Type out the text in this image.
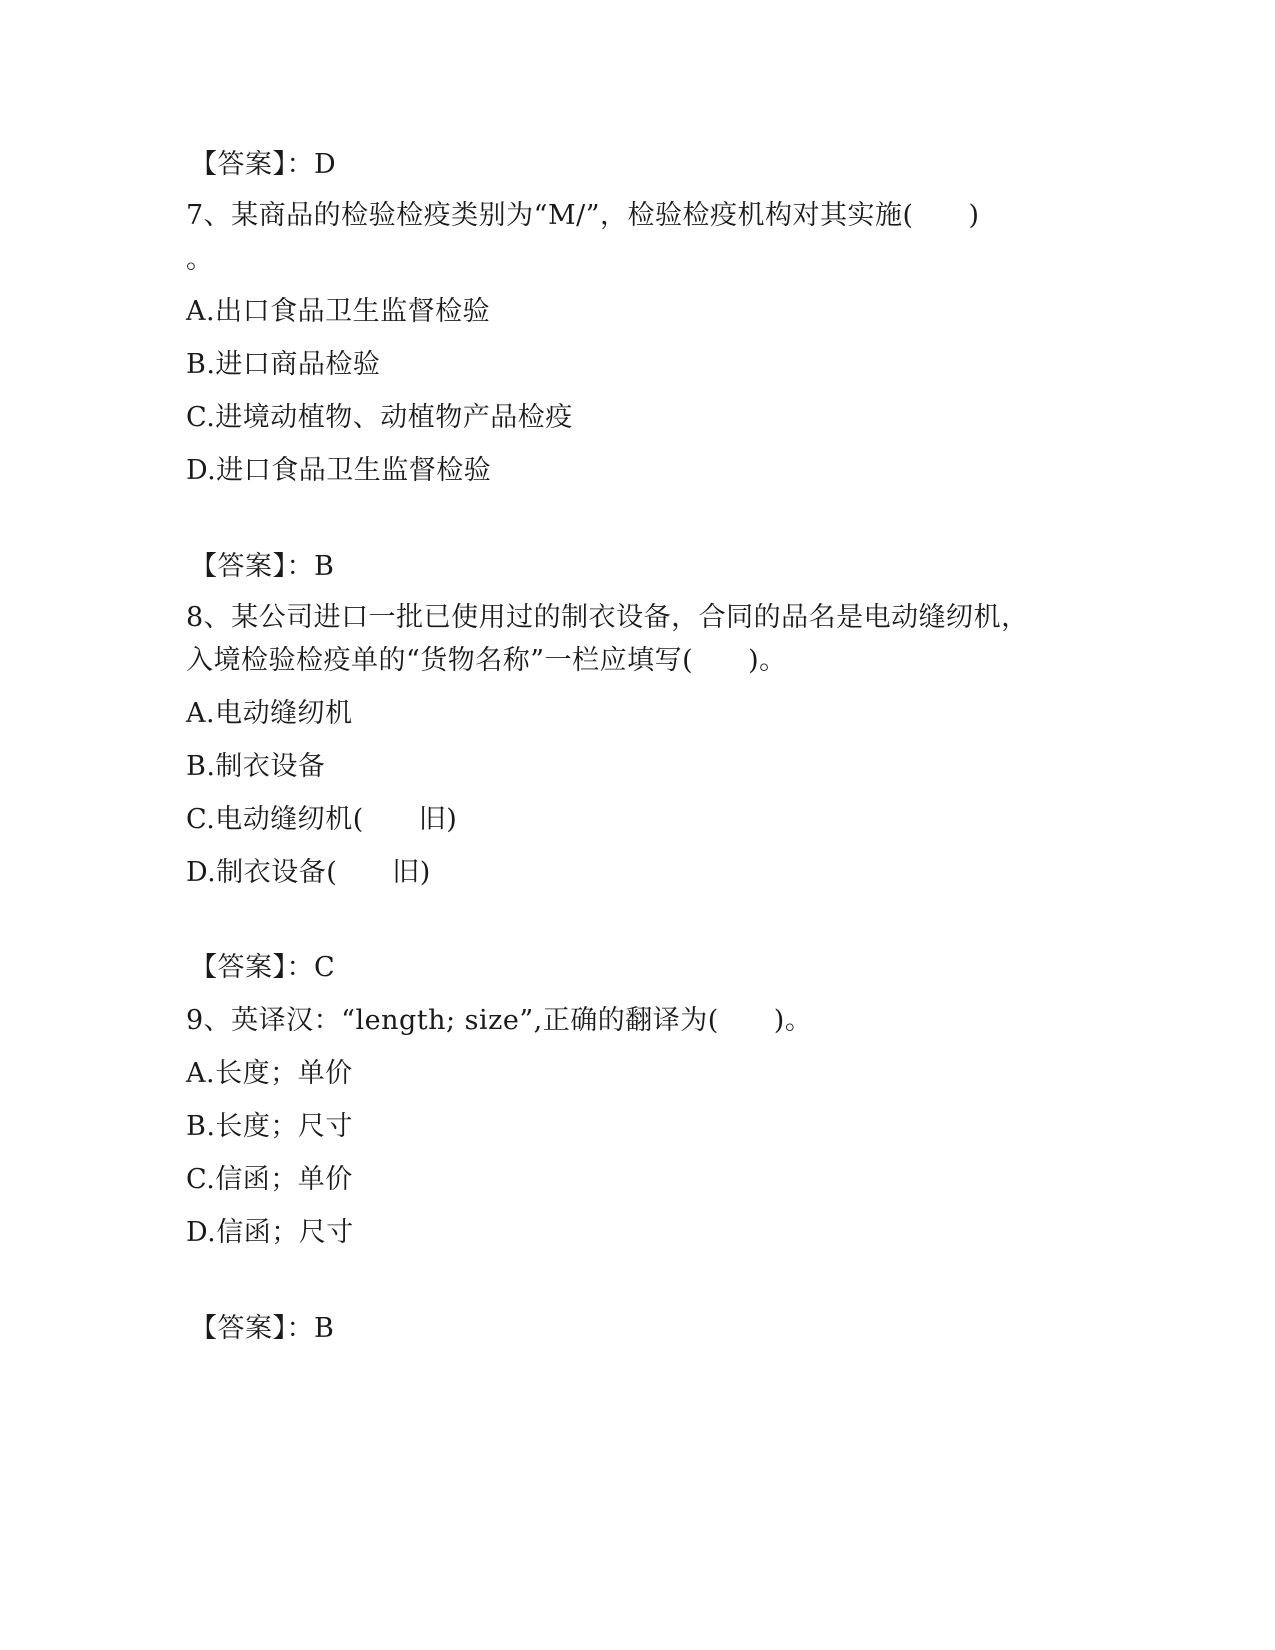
【答案】：D
7、某商品的检验检疫类别为“M/”，检验检疫机构对其实施(　　)
。
A.出口食品卫生监督检验
B.进口商品检验
C.进境动植物、动植物产品检疫
D.进口食品卫生监督检验
【答案】：B
8、某公司进口一批已使用过的制衣设备，合同的品名是电动缝纫机，
入境检验检疫单的“货物名称”一栏应填写(　　)。
A.电动缝纫机
B.制衣设备
C.电动缝纫机(　　旧)
D.制衣设备(　　旧)
【答案】：C
9、英译汉：“length; size”,正确的翻译为(　　)。
A.长度；单价
B.长度；尺寸
C.信函；单价
D.信函；尺寸
【答案】：B
